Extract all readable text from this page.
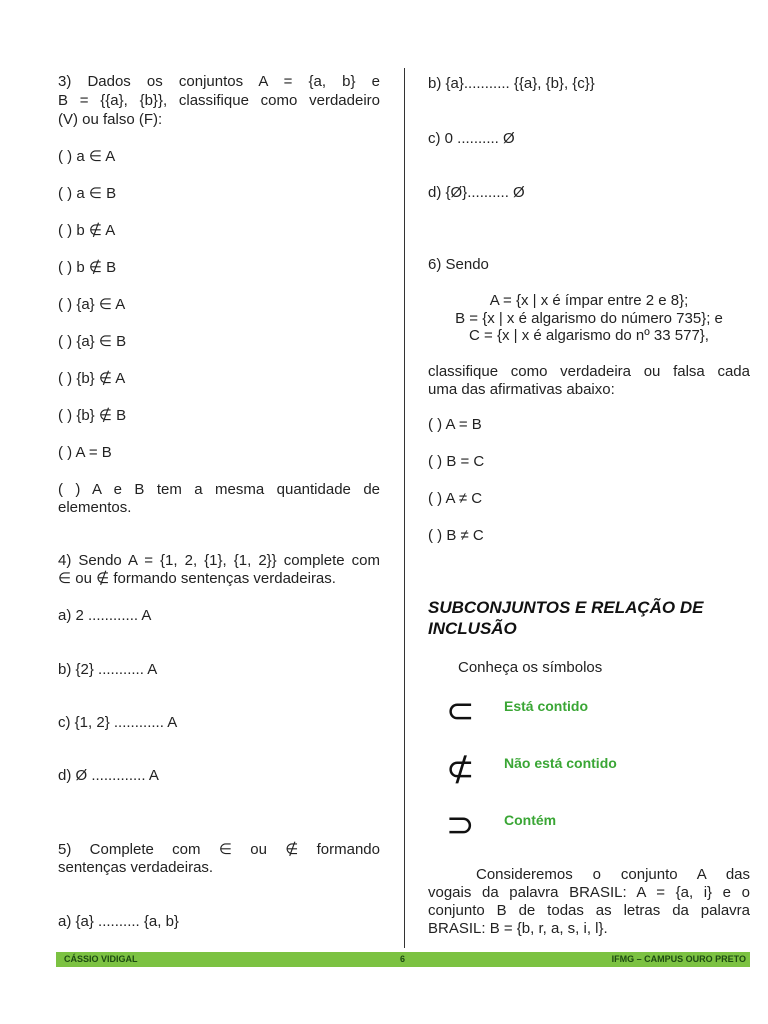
3) Dados os conjuntos A = {a, b} e
B = {{a}, {b}}, classifique como verdadeiro
(V) ou falso (F):
( ) a ∈ A
( ) a ∈ B
( ) b ∉ A
( ) b ∉ B
( ) {a} ∈ A
( ) {a} ∈ B
( ) {b} ∉ A
( ) {b} ∉ B
( ) A = B
( ) A e B tem a mesma quantidade de
elementos.
4) Sendo A = {1, 2, {1}, {1, 2}} complete com
∈ ou ∉ formando sentenças verdadeiras.
a) 2 ............ A
b) {2} ........... A
c) {1, 2} ............ A
d) Ø ............. A
5) Complete com ∈ ou ∉ formando
sentenças verdadeiras.
a) {a} .......... {a, b}
b) {a}........... {{a}, {b}, {c}}
c) 0 .......... Ø
d) {Ø}.......... Ø
6) Sendo
A = {x | x é ímpar entre 2 e 8};
B = {x | x é algarismo do número 735}; e
C = {x | x é algarismo do nº 33 577},
classifique como verdadeira ou falsa cada
uma das afirmativas abaixo:
( ) A = B
( ) B = C
( ) A ≠ C
( ) B ≠ C
SUBCONJUNTOS E RELAÇÃO DE
INCLUSÃO
Conheça os símbolos
⊂ Está contido
⊄ Não está contido
⊃ Contém
Consideremos o conjunto A das
vogais da palavra BRASIL: A = {a, i} e o
conjunto B de todas as letras da palavra
BRASIL: B = {b, r, a, s, i, l}.
CÁSSIO VIDIGAL	6	IFMG – CAMPUS OURO PRETO
